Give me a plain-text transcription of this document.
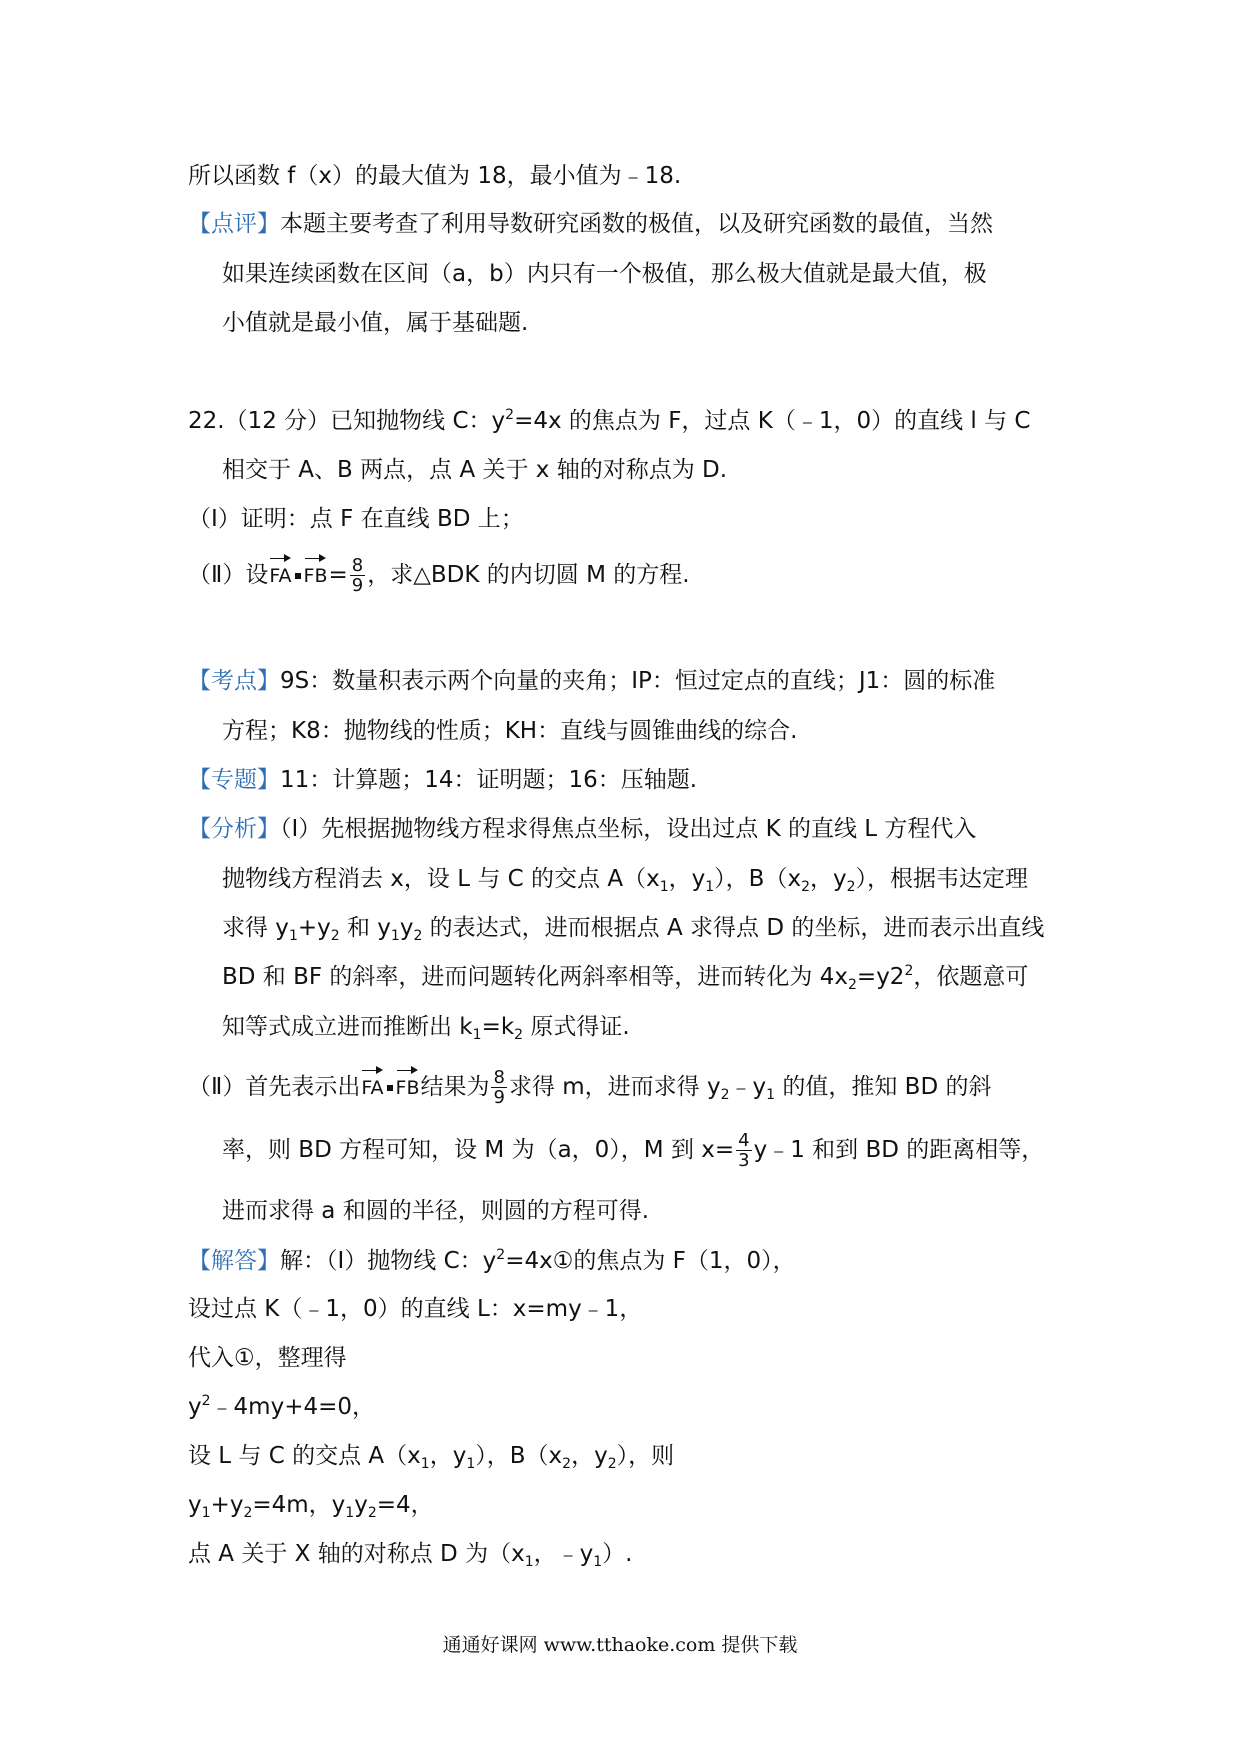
所以函数 f（x）的最大值为 18，最小值为﹣18.
【点评】本题主要考查了利用导数研究函数的极值，以及研究函数的最值，当然
如果连续函数在区间（a，b）内只有一个极值，那么极大值就是最大值，极
小值就是最小值，属于基础题.
22.（12 分）已知抛物线 C：$y^2=4x$ 的焦点为 F，过点 K（﹣1，0）的直线 l 与 C
相交于 A、B 两点，点 A 关于 x 轴的对称点为 D.
（Ⅰ）证明：点 F 在直线 BD 上；
（Ⅱ）设FA $FB= \frac{8}{9}$ ，求△BDK 的内切圆 M 的方程.
【考点】9S：数量积表示两个向量的夹角；IP：恒过定点的直线；J1：圆的标准
方程；K8：抛物线的性质；KH：直线与圆锥曲线的综合.
【专题】11：计算题；14：证明题；16：压轴题.
【分析】（Ⅰ）先根据抛物线方程求得焦点坐标，设出过点 K 的直线 L 方程代入
抛物线方程消去 x，设 L 与 C 的交点 $A(x_1$，$y_1$），$B(x_2$，$y_2$），根据韦达定理
求得 $y_1+y_2$ 和 $y_1y_2$ 的表达式，进而根据点 A 求得点 D 的坐标，进而表示出直线
BD 和 BF 的斜率，进而问题转化两斜率相等，进而转化为 $4x_2=y2^2$，依题意可
知等式成立进而推断出 $k_1=k_2$ 原式得证.
（Ⅱ）首先表示出FA FB结果为 $\frac{8}{9}$ 求得 m，进而求得 $y_2﹣y_1$ 的值，推知 BD 的斜
率，则 BD 方程可知，设 M 为（a，0），M 到 $x= \frac{4}{3}$ y﹣1 和到 BD 的距离相等，
进而求得 a 和圆的半径，则圆的方程可得.
【解答】解：（Ⅰ）抛物线 C：$y^2=4x①$的焦点为 F（1，0），
设过点 K（﹣1，0）的直线 L：x=my﹣1，
代入①，整理得
$y^2﹣4my+4=0$，
设 L 与 C 的交点 $A(x_1$，$y_1$），$B(x_2$，$y_2$），则
$y_1+y_2=4m$，$y_1y_2=4$，
点 A 关于 X 轴的对称点 D 为（$x_1$，$﹣y_1$）.
通通好课网 www.tthaoke.com 提供下载
